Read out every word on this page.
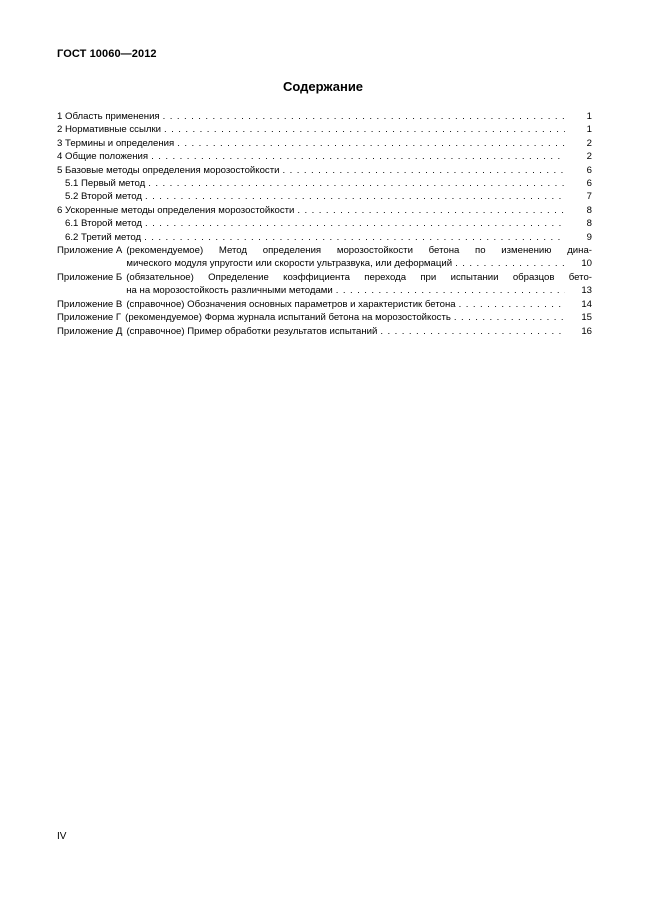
ГОСТ 10060—2012
Содержание
1 Область применения . . .	1
2 Нормативные ссылки . . .	1
3 Термины и определения . . .	2
4 Общие положения . . .	2
5 Базовые методы определения морозостойкости . . .	6
5.1 Первый метод . . .	6
5.2 Второй метод . . .	7
6 Ускоренные методы определения морозостойкости . . .	8
6.1 Второй метод . . .	8
6.2 Третий метод . . .	9
Приложение А (рекомендуемое) Метод определения морозостойкости бетона по изменению дина-
мического модуля упругости или скорости ультразвука, или деформаций . . .	10
Приложение Б (обязательное) Определение коэффициента перехода при испытании образцов бето-
на на морозостойкость различными методами . . .	13
Приложение В (справочное) Обозначения основных параметров и характеристик бетона . . .	14
Приложение Г (рекомендуемое) Форма журнала испытаний бетона на морозостойкость . . .	15
Приложение Д (справочное) Пример обработки результатов испытаний . . .	16
IV
